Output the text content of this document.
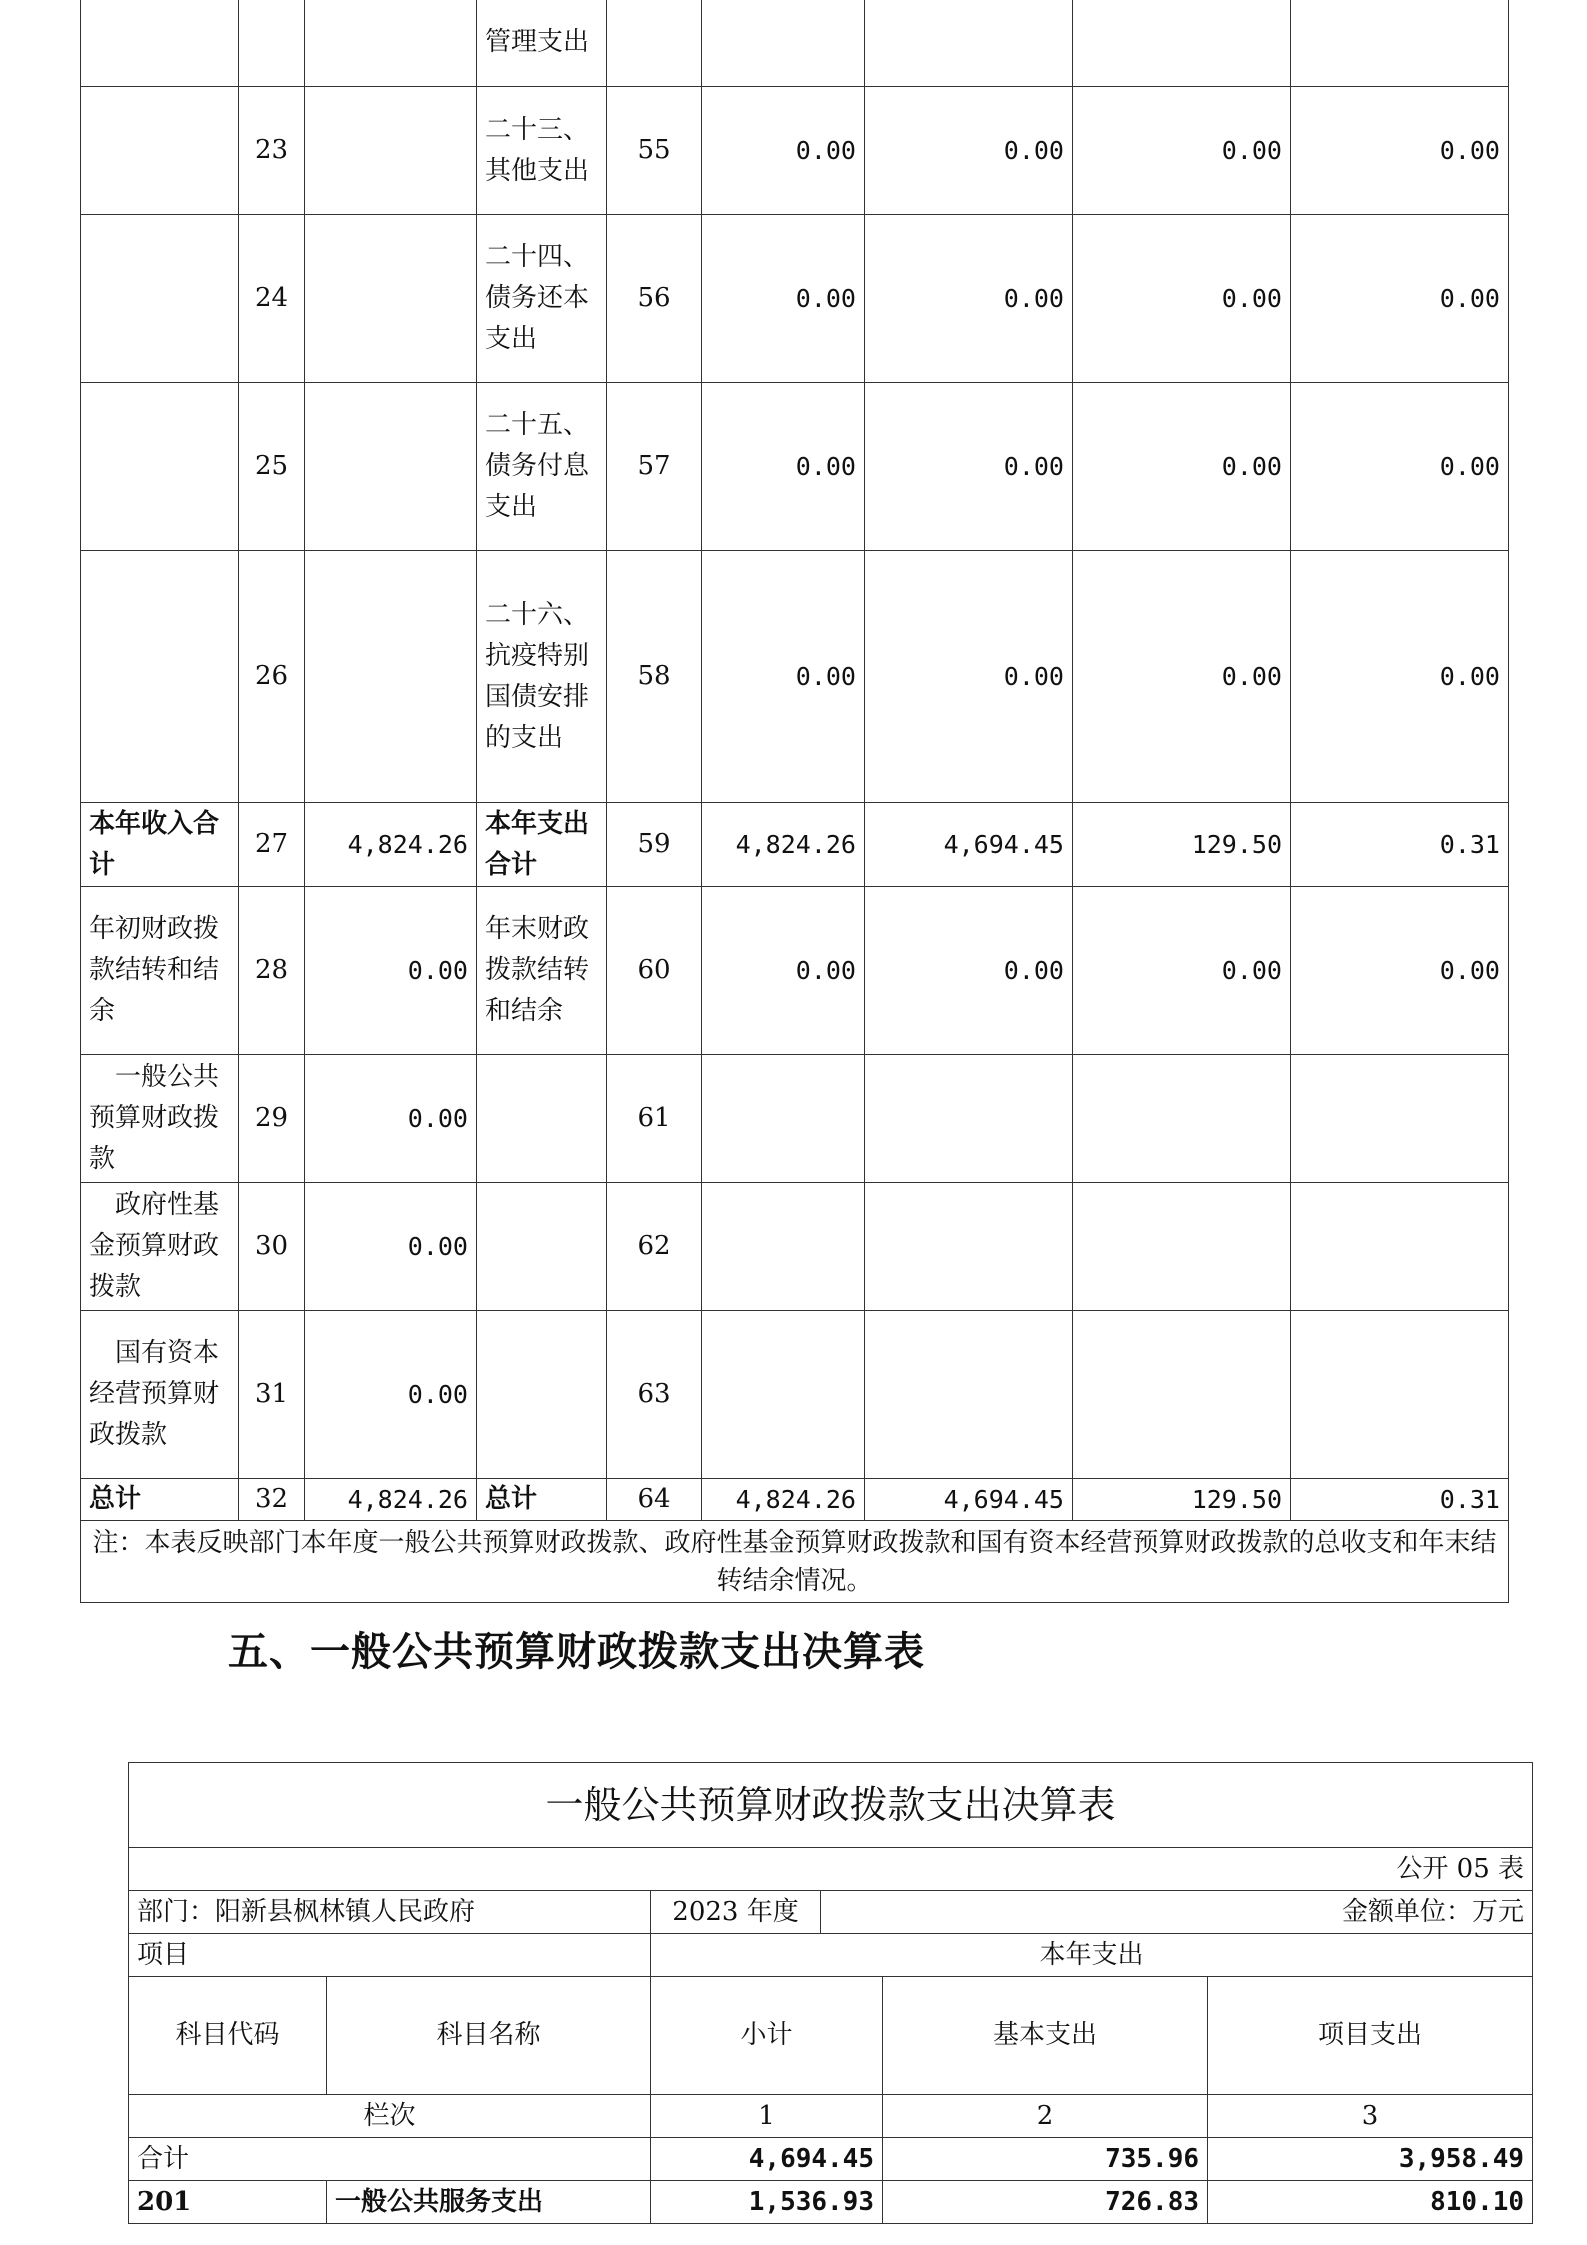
			管理支出					
	23		二十三、其他支出	55	0.00	0.00	0.00	0.00
	24		二十四、债务还本支出	56	0.00	0.00	0.00	0.00
	25		二十五、债务付息支出	57	0.00	0.00	0.00	0.00
	26		二十六、抗疫特别国债安排的支出	58	0.00	0.00	0.00	0.00
本年收入合计	27	4,824.26	本年支出合计	59	4,824.26	4,694.45	129.50	0.31
年初财政拨款结转和结余	28	0.00	年末财政拨款结转和结余	60	0.00	0.00	0.00	0.00
一般公共预算财政拨款	29	0.00		61				
政府性基金预算财政拨款	30	0.00		62				
国有资本经营预算财政拨款	31	0.00		63				
总计	32	4,824.26	总计	64	4,824.26	4,694.45	129.50	0.31
注：本表反映部门本年度一般公共预算财政拨款、政府性基金预算财政拨款和国有资本经营预算财政拨款的总收支和年末结转结余情况。								
五、一般公共预算财政拨款支出决算表
一般公共预算财政拨款支出决算表					
公开 05 表					
部门：阳新县枫林镇人民政府		2023 年度	金额单位：万元		
项目		本年支出			
科目代码	科目名称	小计		基本支出	项目支出
栏次		1		2	3
合计		4,694.45		735.96	3,958.49
201	一般公共服务支出	1,536.93		726.83	810.10
